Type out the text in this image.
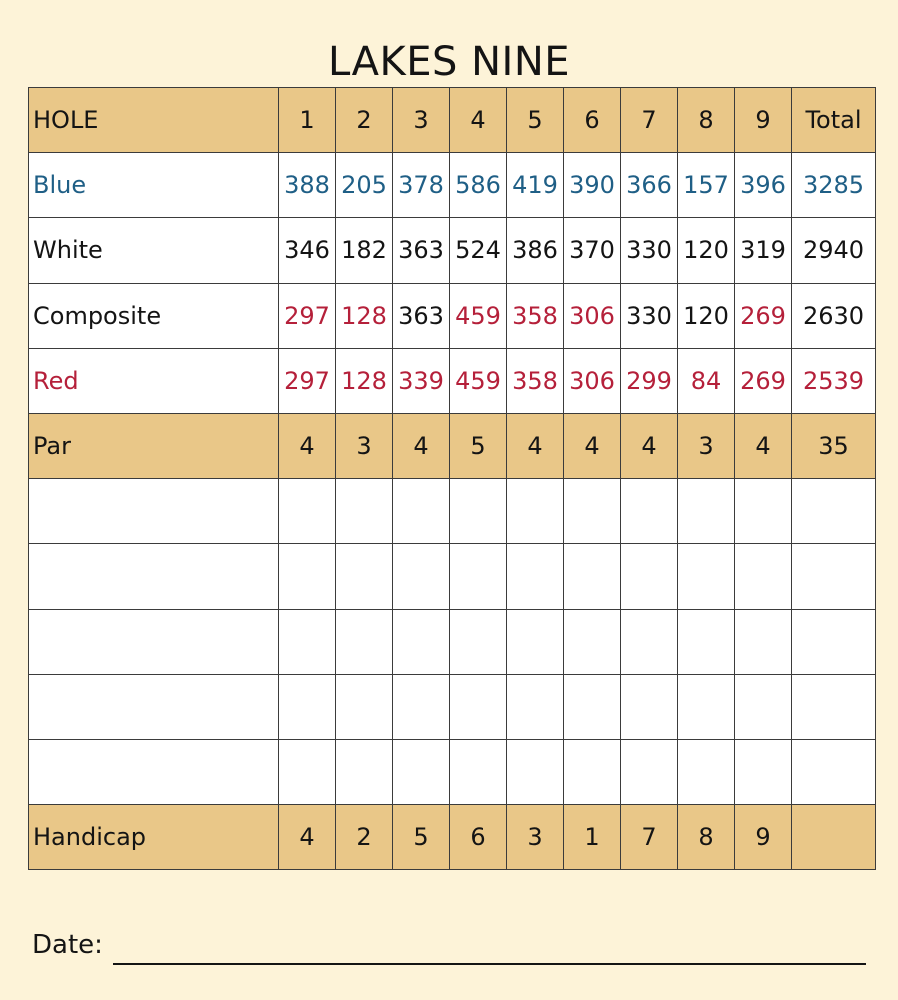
LAKES NINE
HOLE	1	2	3	4	5	6	7	8	9	Total
Blue	388	205	378	586	419	390	366	157	396	3285
White	346	182	363	524	386	370	330	120	319	2940
Composite	297	128	363	459	358	306	330	120	269	2630
Red	297	128	339	459	358	306	299	84	269	2539
Par	4	3	4	5	4	4	4	3	4	35

Handicap	4	2	5	6	3	1	7	8	9	
Date:
